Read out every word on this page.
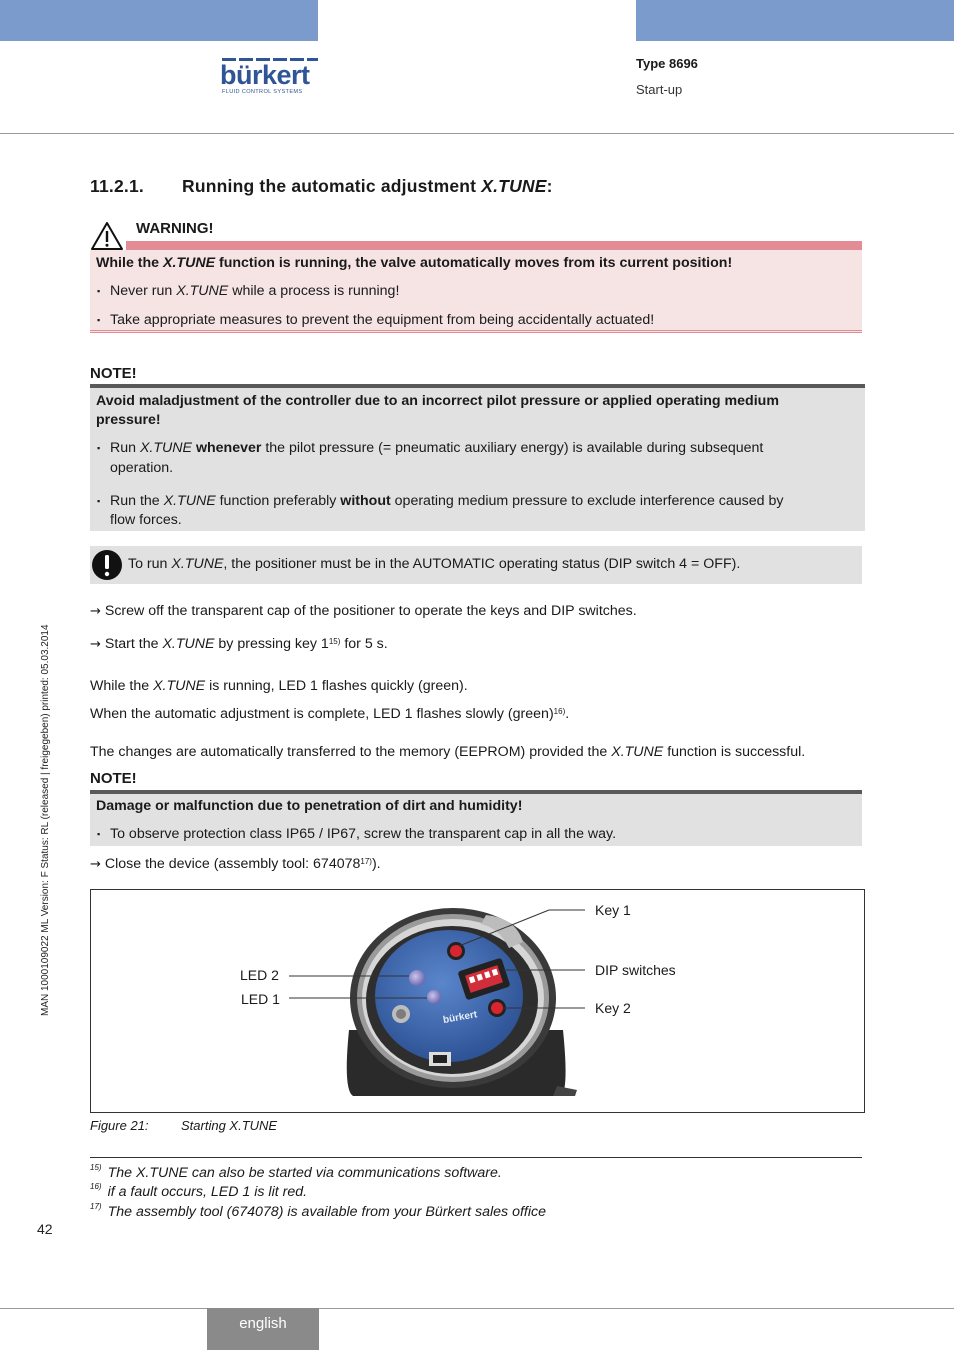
bürkert
FLUID CONTROL SYSTEMS
Type 8696
Start-up
MAN 1000109022 ML Version: F Status: RL (released | freigegeben) printed: 05.03.2014
11.2.1. Running the automatic adjustment X.TUNE:
WARNING!
While the X.TUNE function is running, the valve automatically moves from its current position!
▪ Never run X.TUNE while a process is running!
▪ Take appropriate measures to prevent the equipment from being accidentally actuated!
NOTE!
Avoid maladjustment of the controller due to an incorrect pilot pressure or applied operating medium
pressure!
▪ Run X.TUNE whenever the pilot pressure (= pneumatic auxiliary energy) is available during subsequent
operation.
▪ Run the X.TUNE function preferably without operating medium pressure to exclude interference caused by
flow forces.
To run X.TUNE, the positioner must be in the AUTOMATIC operating status (DIP switch 4 = OFF).
→ Screw off the transparent cap of the positioner to operate the keys and DIP switches.
→ Start the X.TUNE by pressing key 1$^{15)}$ for 5 s.
While the X.TUNE is running, LED 1 flashes quickly (green).
When the automatic adjustment is complete, LED 1 flashes slowly (green)$^{16)}$.
The changes are automatically transferred to the memory (EEPROM) provided the X.TUNE function is successful.
NOTE!
Damage or malfunction due to penetration of dirt and humidity!
▪ To observe protection class IP65 / IP67, screw the transparent cap in all the way.
→ Close the device (assembly tool: 674078$^{17)}$).
bürkert
Key 1
DIP switches
Key 2
LED 2
LED 1
Figure 21: Starting X.TUNE
$^{15)}$ The X.TUNE can also be started via communications software.
$^{16)}$ if a fault occurs, LED 1 is lit red.
$^{17)}$ The assembly tool (674078) is available from your Bürkert sales office
42
english
